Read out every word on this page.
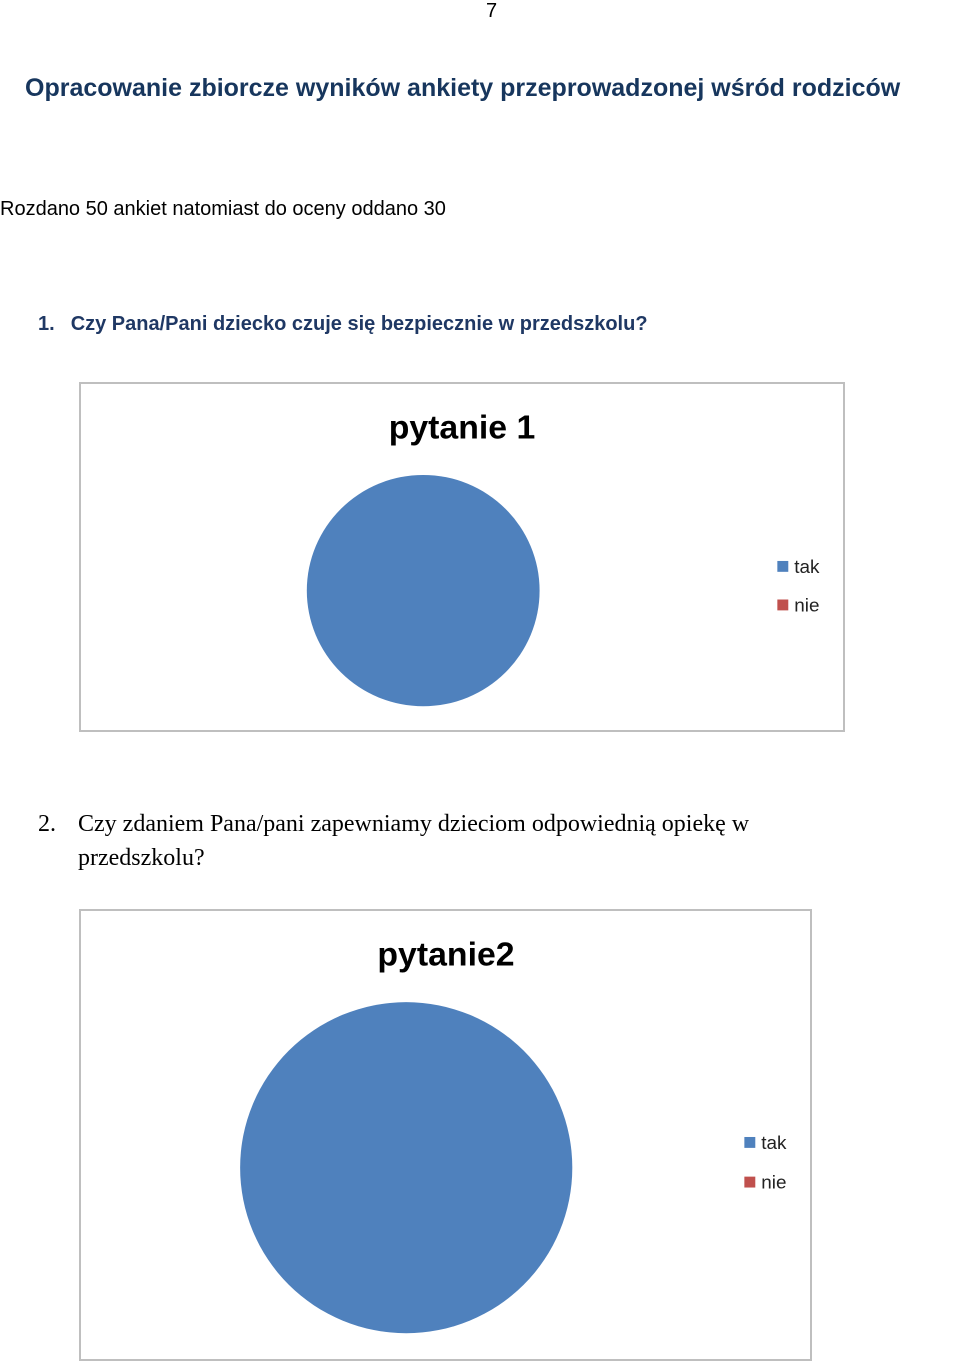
7
Opracowanie zbiorcze wyników ankiety przeprowadzonej wśród rodziców
Rozdano 50 ankiet natomiast do oceny oddano 30
1. Czy Pana/Pani dziecko czuje się bezpiecznie w przedszkolu?
pytanie 1
tak
nie
2. Czy zdaniem Pana/pani zapewniamy dzieciom odpowiednią opiekę w
przedszkolu?
pytanie2
tak
nie
